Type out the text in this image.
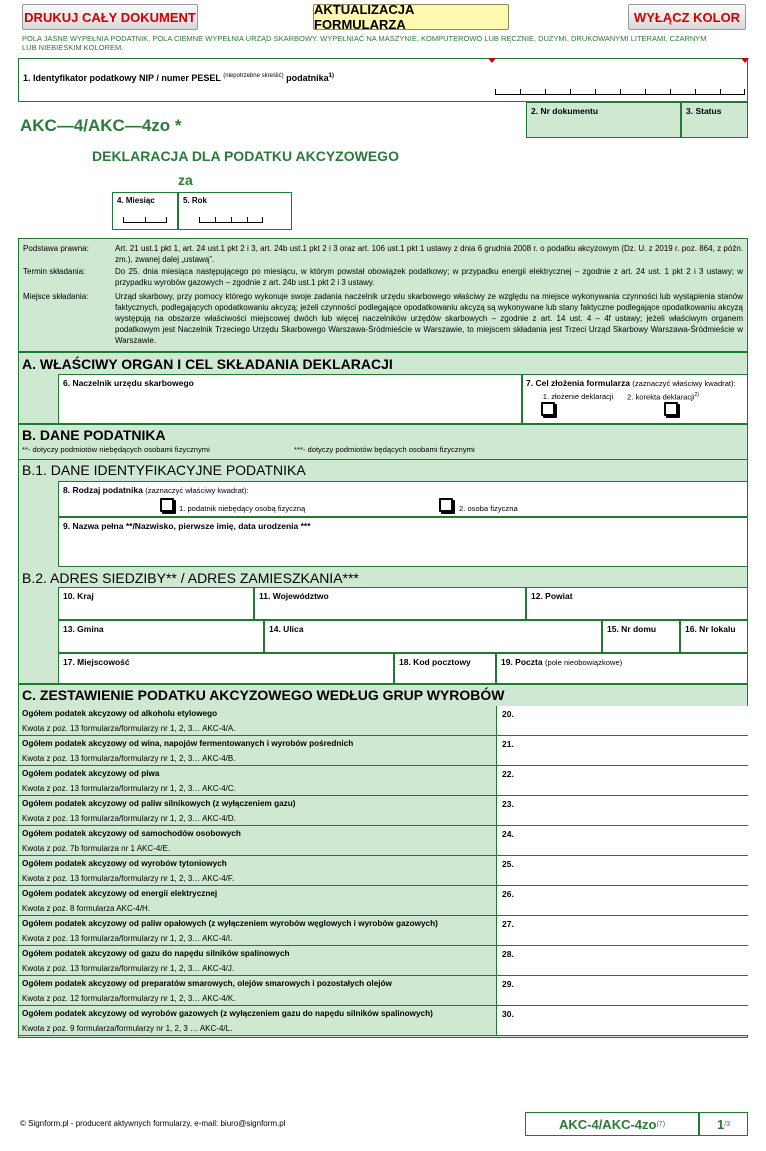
DRUKUJ CAŁY DOKUMENT	AKTUALIZACJA FORMULARZA	WYŁĄCZ KOLOR
POLA JASNE WYPEŁNIA PODATNIK, POLA CIEMNE WYPEŁNIA URZĄD SKARBOWY. WYPEŁNIAĆ NA MASZYNIE, KOMPUTEROWO LUB RĘCZNIE, DUŻYMI, DRUKOWANYMI LITERAMI, CZARNYM LUB NIEBIESKIM KOLOREM.
1. Identyfikator podatkowy NIP / numer PESEL $^{(niepotrzebne skreślić)}$ podatnika$^{1)}$
2. Nr dokumentu	3. Status
AKC—4/AKC—4zo *
DEKLARACJA DLA PODATKU AKCYZOWEGO
za
4. Miesiąc	5. Rok
Podstawa prawna:	Art. 21 ust.1 pkt 1, art. 24 ust.1 pkt 2 i 3, art. 24b ust.1 pkt 2 i 3 oraz art. 106 ust.1 pkt 1 ustawy z dnia 6 grudnia 2008 r. o podatku akcyzowym (Dz. U. z 2019 r. poz. 864, z późn. zm.), zwanej dalej „ustawą”.
Termin składania:	Do 25. dnia miesiąca następującego po miesiącu, w którym powstał obowiązek podatkowy; w przypadku energii elektrycznej – zgodnie z art. 24 ust. 1 pkt 2 i 3 ustawy; w przypadku wyrobów gazowych – zgodnie z art. 24b ust.1 pkt 2 i 3 ustawy.
Miejsce składania:	Urząd skarbowy, przy pomocy którego wykonuje swoje zadania naczelnik urzędu skarbowego właściwy ze względu na miejsce wykonywania czynności lub wystąpienia stanów faktycznych, podlegających opodatkowaniu akcyzą; jeżeli czynności podlegające opodatkowaniu akcyzą są wykonywane lub stany faktyczne podlegające opodatkowaniu akcyzą występują na obszarze właściwości miejscowej dwóch lub więcej naczelników urzędów skarbowych – zgodnie z art. 14 ust. 4 – 4f ustawy; jeżeli właściwym organem podatkowym jest Naczelnik Trzeciego Urzędu Skarbowego Warszawa-Śródmieście w Warszawie, to miejscem składania jest Trzeci Urząd Skarbowy Warszawa-Śródmieście w Warszawie.
A. WŁAŚCIWY ORGAN I CEL SKŁADANIA DEKLARACJI
6. Naczelnik urzędu skarbowego	7. Cel złożenia formularza (zaznaczyć właściwy kwadrat):
1. złożenie deklaracji	2. korekta deklaracji$^{2)}$
B. DANE PODATNIKA
**- dotyczy podmiotów niebędących osobami fizycznymi	***- dotyczy podmiotów będących osobami fizycznymi
B.1. DANE IDENTYFIKACYJNE PODATNIKA
8. Rodzaj podatnika (zaznaczyć właściwy kwadrat):
1. podatnik niebędący osobą fizyczną	2. osoba fizyczna
9. Nazwa pełna **/Nazwisko, pierwsze imię, data urodzenia ***
B.2. ADRES SIEDZIBY** / ADRES ZAMIESZKANIA***
10. Kraj	11. Województwo	12. Powiat
13. Gmina	14. Ulica	15. Nr domu	16. Nr lokalu
17. Miejscowość	18. Kod pocztowy	19. Poczta (pole nieobowiązkowe)
C. ZESTAWIENIE PODATKU AKCYZOWEGO WEDŁUG GRUP WYROBÓW
Ogółem podatek akcyzowy od alkoholu etylowego
Kwota z poz. 13 formularza/formularzy nr 1, 2, 3… AKC-4/A.
20.
Ogółem podatek akcyzowy od wina, napojów fermentowanych i wyrobów pośrednich
Kwota z poz. 13 formularza/formularzy nr 1, 2, 3… AKC-4/B.
21.
Ogółem podatek akcyzowy od piwa
Kwota z poz. 13 formularza/formularzy nr 1, 2, 3… AKC-4/C.
22.
Ogółem podatek akcyzowy od paliw silnikowych (z wyłączeniem gazu)
Kwota z poz. 13 formularza/formularzy nr 1, 2, 3… AKC-4/D.
23.
Ogółem podatek akcyzowy od samochodów osobowych
Kwota z poz. 7b formularza nr 1 AKC-4/E.
24.
Ogółem podatek akcyzowy od wyrobów tytoniowych
Kwota z poz. 13 formularza/formularzy nr 1, 2, 3… AKC-4/F.
25.
Ogółem podatek akcyzowy od energii elektrycznej
Kwota z poz. 8 formularza AKC-4/H.
26.
Ogółem podatek akcyzowy od paliw opałowych (z wyłączeniem wyrobów węglowych i wyrobów gazowych)
Kwota z poz. 13 formularza/formularzy nr 1, 2, 3… AKC-4/I.
27.
Ogółem podatek akcyzowy od gazu do napędu silników spalinowych
Kwota z poz. 13 formularza/formularzy nr 1, 2, 3… AKC-4/J.
28.
Ogółem podatek akcyzowy od preparatów smarowych, olejów smarowych i pozostałych olejów
Kwota z poz. 12 formularza/formularzy nr 1, 2, 3… AKC-4/K.
29.
Ogółem podatek akcyzowy od wyrobów gazowych (z wyłączeniem gazu do napędu silników spalinowych)
Kwota z poz. 9 formularza/formularzy nr 1, 2, 3 … AKC-4/L.
30.
© Signform.pl - producent aktywnych formularzy, e-mail: biuro@signform.pl	AKC-4/AKC-4zo (7)	1 /3
